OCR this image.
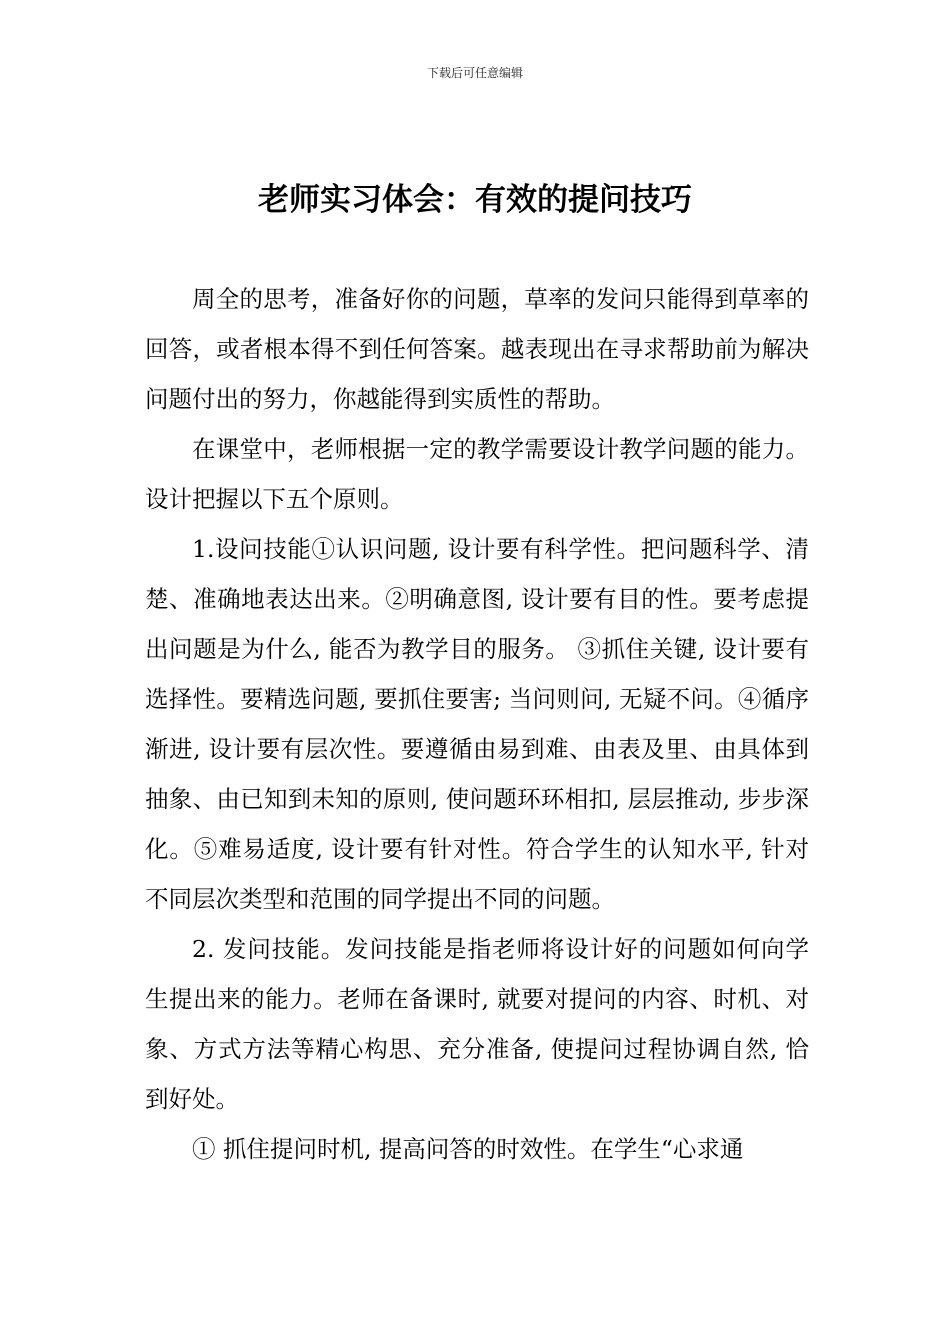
下载后可任意编辑
老师实习体会：有效的提问技巧

周全的思考，准备好你的问题，草率的发问只能得到草率的回答，或者根本得不到任何答案。越表现出在寻求帮助前为解决问题付出的努力，你越能得到实质性的帮助。

在课堂中，老师根据一定的教学需要设计教学问题的能力。设计把握以下五个原则。

1.设问技能①认识问题, 设计要有科学性。把问题科学、清楚、准确地表达出来。②明确意图, 设计要有目的性。要考虑提出问题是为什么, 能否为教学目的服务。 ③抓住关键, 设计要有选择性。要精选问题, 要抓住要害; 当问则问, 无疑不问。④循序渐进, 设计要有层次性。要遵循由易到难、由表及里、由具体到抽象、由已知到未知的原则, 使问题环环相扣, 层层推动, 步步深化。⑤难易适度, 设计要有针对性。符合学生的认知水平, 针对不同层次类型和范围的同学提出不同的问题。

2. 发问技能。发问技能是指老师将设计好的问题如何向学生提出来的能力。老师在备课时, 就要对提问的内容、时机、对象、方式方法等精心构思、充分准备, 使提问过程协调自然, 恰到好处。

① 抓住提问时机, 提高问答的时效性。在学生“心求通
